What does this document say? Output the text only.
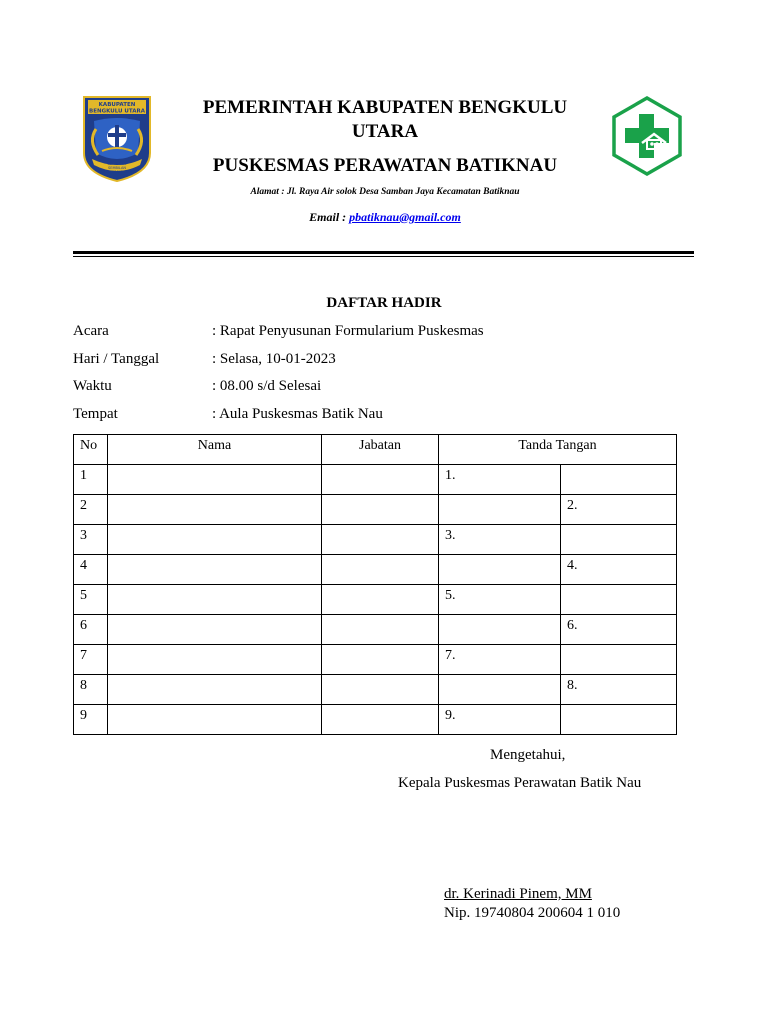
KABUPATEN
BENGKULU UTARA
BENGKULU
SEMBILAN
PERSATUAN BANGSA
PEMERINTAH KABUPATEN BENGKULU
UTARA
PUSKESMAS PERAWATAN BATIKNAU
Alamat : Jl. Raya Air solok Desa Samban Jaya Kecamatan Batiknau
Email : pbatiknau@gmail.com
DAFTAR HADIR
Acara	: Rapat Penyusunan Formularium Puskesmas
Hari / Tanggal	: Selasa, 10-01-2023
Waktu	: 08.00 s/d Selesai
Tempat	: Aula Puskesmas Batik Nau
No	Nama	Jabatan	Tanda Tangan	
1			1.	
2				2.
3			3.	
4				4.
5			5.	
6				6.
7			7.	
8				8.
9			9.	
Mengetahui,
Kepala Puskesmas Perawatan Batik Nau
dr. Kerinadi Pinem, MM
Nip. 19740804 200604 1 010
